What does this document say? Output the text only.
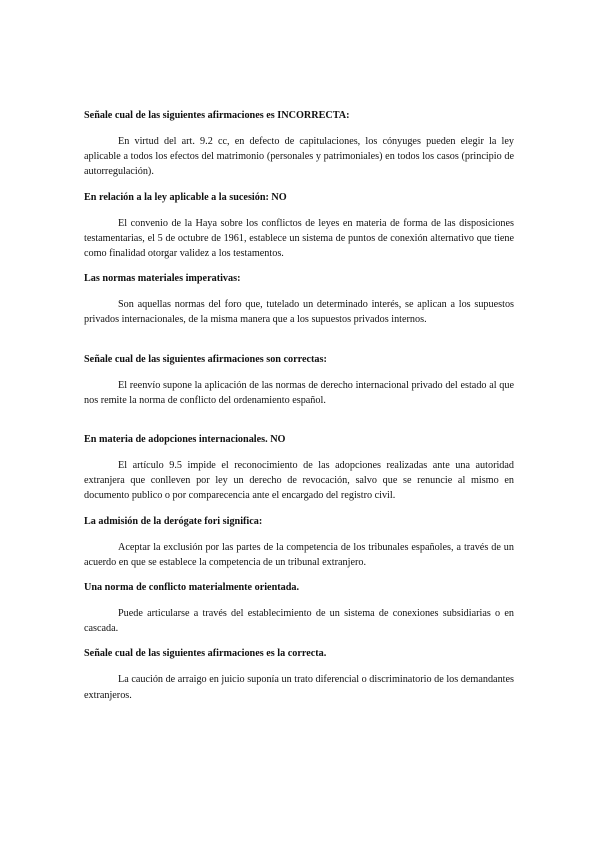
Señale cual de las siguientes afirmaciones es INCORRECTA:

En virtud del art. 9.2 cc, en defecto de capitulaciones, los cónyuges pueden elegir la ley aplicable a todos los efectos del matrimonio (personales y patrimoniales) en todos los casos (principio de autorregulación).

En relación a la ley aplicable a la sucesión: NO

El convenio de la Haya sobre los conflictos de leyes en materia de forma de las disposiciones testamentarias, el 5 de octubre de 1961, establece un sistema de puntos de conexión alternativo que tiene como finalidad otorgar validez a los testamentos.

Las normas materiales imperativas:

Son aquellas normas del foro que, tutelado un determinado interés, se aplican a los supuestos privados internacionales, de la misma manera que a los supuestos privados internos.

Señale cual de las siguientes afirmaciones son correctas:

El reenvío supone la aplicación de las normas de derecho internacional privado del estado al que nos remite la norma de conflicto del ordenamiento español.

En materia de adopciones internacionales. NO

El artículo 9.5 impide el reconocimiento de las adopciones realizadas ante una autoridad extranjera que conlleven por ley un derecho de revocación, salvo que se renuncie al mismo en documento publico o por comparecencia ante el encargado del registro civil.

La admisión de la derógate fori significa:

Aceptar la exclusión por las partes de la competencia de los tribunales españoles, a través de un acuerdo en que se establece la competencia de un tribunal extranjero.

Una norma de conflicto materialmente orientada.

Puede articularse a través del establecimiento de un sistema de conexiones subsidiarias o en cascada.

Señale cual de las siguientes afirmaciones es la correcta.

La caución de arraigo en juicio suponía un trato diferencial o discriminatorio de los demandantes extranjeros.
